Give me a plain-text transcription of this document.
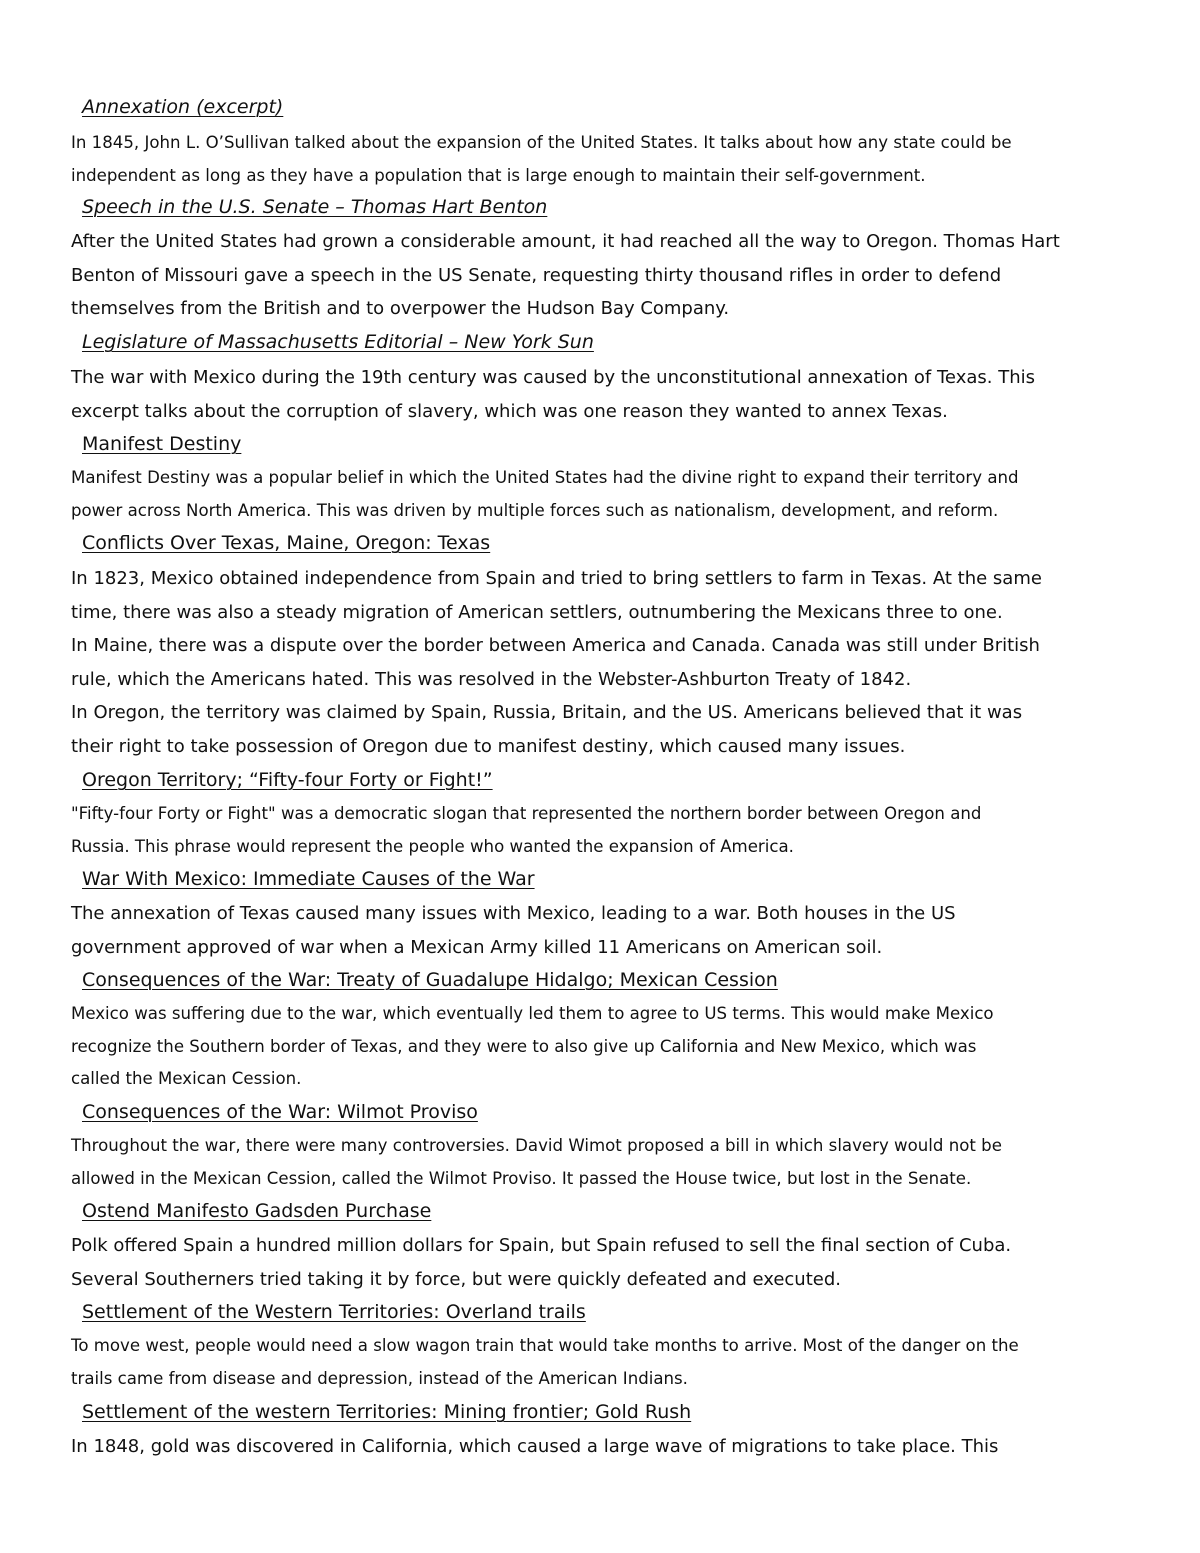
Annexation (excerpt)
In 1845, John L. O’Sullivan talked about the expansion of the United States. It talks about how any state could be
independent as long as they have a population that is large enough to maintain their self-government.
Speech in the U.S. Senate – Thomas Hart Benton
After the United States had grown a considerable amount, it had reached all the way to Oregon. Thomas Hart
Benton of Missouri gave a speech in the US Senate, requesting thirty thousand rifles in order to defend
themselves from the British and to overpower the Hudson Bay Company.
Legislature of Massachusetts Editorial – New York Sun
The war with Mexico during the 19th century was caused by the unconstitutional annexation of Texas. This
excerpt talks about the corruption of slavery, which was one reason they wanted to annex Texas.
Manifest Destiny
Manifest Destiny was a popular belief in which the United States had the divine right to expand their territory and
power across North America. This was driven by multiple forces such as nationalism, development, and reform.
Conflicts Over Texas, Maine, Oregon: Texas
In 1823, Mexico obtained independence from Spain and tried to bring settlers to farm in Texas. At the same
time, there was also a steady migration of American settlers, outnumbering the Mexicans three to one.
In Maine, there was a dispute over the border between America and Canada. Canada was still under British
rule, which the Americans hated. This was resolved in the Webster-Ashburton Treaty of 1842.
In Oregon, the territory was claimed by Spain, Russia, Britain, and the US. Americans believed that it was
their right to take possession of Oregon due to manifest destiny, which caused many issues.
Oregon Territory; “Fifty-four Forty or Fight!”
"Fifty-four Forty or Fight" was a democratic slogan that represented the northern border between Oregon and
Russia. This phrase would represent the people who wanted the expansion of America.
War With Mexico: Immediate Causes of the War
The annexation of Texas caused many issues with Mexico, leading to a war. Both houses in the US
government approved of war when a Mexican Army killed 11 Americans on American soil.
Consequences of the War: Treaty of Guadalupe Hidalgo; Mexican Cession
Mexico was suffering due to the war, which eventually led them to agree to US terms. This would make Mexico
recognize the Southern border of Texas, and they were to also give up California and New Mexico, which was
called the Mexican Cession.
Consequences of the War: Wilmot Proviso
Throughout the war, there were many controversies. David Wimot proposed a bill in which slavery would not be
allowed in the Mexican Cession, called the Wilmot Proviso. It passed the House twice, but lost in the Senate.
Ostend Manifesto Gadsden Purchase
Polk offered Spain a hundred million dollars for Spain, but Spain refused to sell the final section of Cuba.
Several Southerners tried taking it by force, but were quickly defeated and executed.
Settlement of the Western Territories: Overland trails
To move west, people would need a slow wagon train that would take months to arrive. Most of the danger on the
trails came from disease and depression, instead of the American Indians.
Settlement of the western Territories: Mining frontier; Gold Rush
In 1848, gold was discovered in California, which caused a large wave of migrations to take place. This
